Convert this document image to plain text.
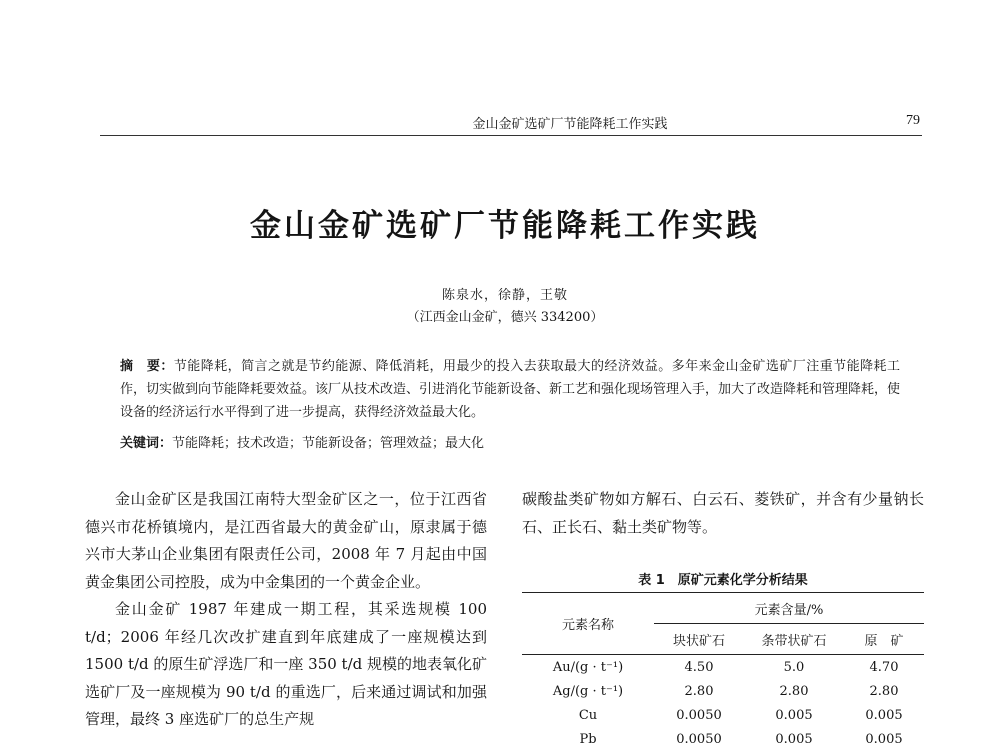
金山金矿选矿厂节能降耗工作实践	79
金山金矿选矿厂节能降耗工作实践
陈泉水，徐静，王敬
（江西金山金矿，德兴 334200）
摘　要：节能降耗，简言之就是节约能源、降低消耗，用最少的投入去获取最大的经济效益。多年来金山金矿选矿厂注重节能降耗工作，切实做到向节能降耗要效益。该厂从技术改造、引进消化节能新设备、新工艺和强化现场管理入手，加大了改造降耗和管理降耗，使设备的经济运行水平得到了进一步提高，获得经济效益最大化。
关键词：节能降耗；技术改造；节能新设备；管理效益；最大化

金山金矿区是我国江南特大型金矿区之一，位于江西省德兴市花桥镇境内，是江西省最大的黄金矿山，原隶属于德兴市大茅山企业集团有限责任公司，2008 年 7 月起由中国黄金集团公司控股，成为中金集团的一个黄金企业。

金山金矿 1987 年建成一期工程，其采选规模 100 t/d；2006 年经几次改扩建直到年底建成了一座规模达到 1500 t/d 的原生矿浮选厂和一座 350 t/d 规模的地表氧化矿选矿厂及一座规模为 90 t/d 的重选厂，后来通过调试和加强管理，最终 3 座选矿厂的总生产规

碳酸盐类矿物如方解石、白云石、菱铁矿，并含有少量钠长石、正长石、黏土类矿物等。
表 1　原矿元素化学分析结果
元素名称	元素含量/%		
	块状矿石	条带状矿石	原　矿
Au/(g · t⁻¹)	4.50	5.0	4.70
Ag/(g · t⁻¹)	2.80	2.80	2.80
Cu	0.0050	0.005	0.005
Pb	0.0050	0.005	0.005
